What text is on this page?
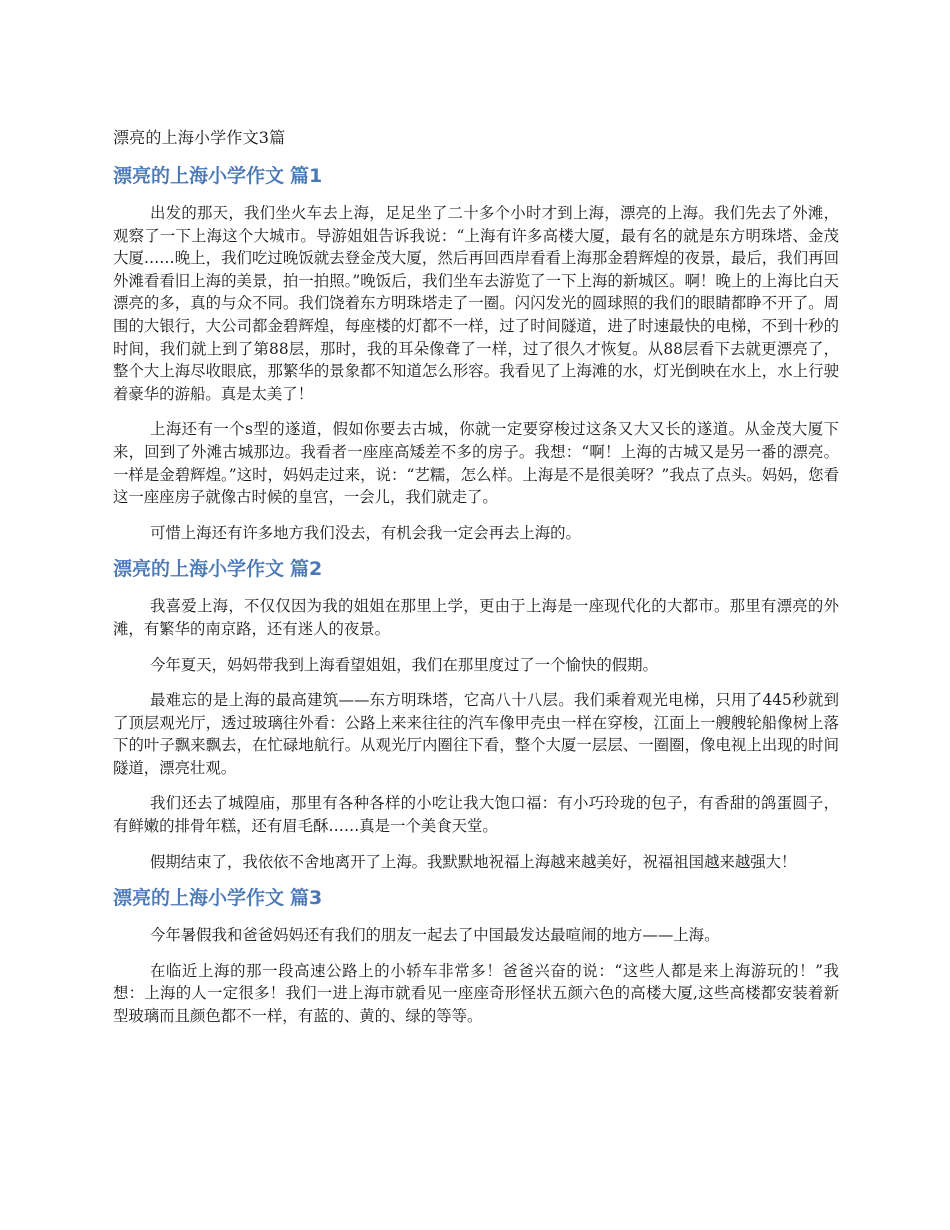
漂亮的上海小学作文3篇
漂亮的上海小学作文 篇1

出发的那天，我们坐火车去上海，足足坐了二十多个小时才到上海，漂亮的上海。我们先去了外滩，观察了一下上海这个大城市。导游姐姐告诉我说：“上海有许多高楼大厦，最有名的就是东方明珠塔、金茂大厦……晚上，我们吃过晚饭就去登金茂大厦，然后再回西岸看看上海那金碧辉煌的夜景，最后，我们再回外滩看看旧上海的美景，拍一拍照。”晚饭后，我们坐车去游览了一下上海的新城区。啊！晚上的上海比白天漂亮的多，真的与众不同。我们饶着东方明珠塔走了一圈。闪闪发光的圆球照的我们的眼睛都睁不开了。周围的大银行，大公司都金碧辉煌，每座楼的灯都不一样，过了时间隧道，进了时速最快的电梯，不到十秒的时间，我们就上到了第88层，那时，我的耳朵像聋了一样，过了很久才恢复。从88层看下去就更漂亮了，整个大上海尽收眼底，那繁华的景象都不知道怎么形容。我看见了上海滩的水，灯光倒映在水上，水上行驶着豪华的游船。真是太美了！

上海还有一个s型的遂道，假如你要去古城，你就一定要穿梭过这条又大又长的遂道。从金茂大厦下来，回到了外滩古城那边。我看者一座座高矮差不多的房子。我想：“啊！上海的古城又是另一番的漂亮。一样是金碧辉煌。”这时，妈妈走过来，说：“艺糯，怎么样。上海是不是很美呀？”我点了点头。妈妈，您看这一座座房子就像古时候的皇宫，一会儿，我们就走了。

可惜上海还有许多地方我们没去，有机会我一定会再去上海的。

漂亮的上海小学作文 篇2

我喜爱上海，不仅仅因为我的姐姐在那里上学，更由于上海是一座现代化的大都市。那里有漂亮的外滩，有繁华的南京路，还有迷人的夜景。

今年夏天，妈妈带我到上海看望姐姐，我们在那里度过了一个愉快的假期。

最难忘的是上海的最高建筑——东方明珠塔，它高八十八层。我们乘着观光电梯，只用了445秒就到了顶层观光厅，透过玻璃往外看：公路上来来往往的汽车像甲壳虫一样在穿梭，江面上一艘艘轮船像树上落下的叶子飘来飘去，在忙碌地航行。从观光厅内圈往下看，整个大厦一层层、一圈圈，像电视上出现的时间隧道，漂亮壮观。

我们还去了城隍庙，那里有各种各样的小吃让我大饱口福：有小巧玲珑的包子，有香甜的鸽蛋圆子，有鲜嫩的排骨年糕，还有眉毛酥……真是一个美食天堂。

假期结束了，我依依不舍地离开了上海。我默默地祝福上海越来越美好，祝福祖国越来越强大！

漂亮的上海小学作文 篇3

今年暑假我和爸爸妈妈还有我们的朋友一起去了中国最发达最喧闹的地方——上海。

在临近上海的那一段高速公路上的小轿车非常多！爸爸兴奋的说：“这些人都是来上海游玩的！”我想：上海的人一定很多！我们一进上海市就看见一座座奇形怪状五颜六色的高楼大厦,这些高楼都安装着新型玻璃而且颜色都不一样，有蓝的、黄的、绿的等等。
